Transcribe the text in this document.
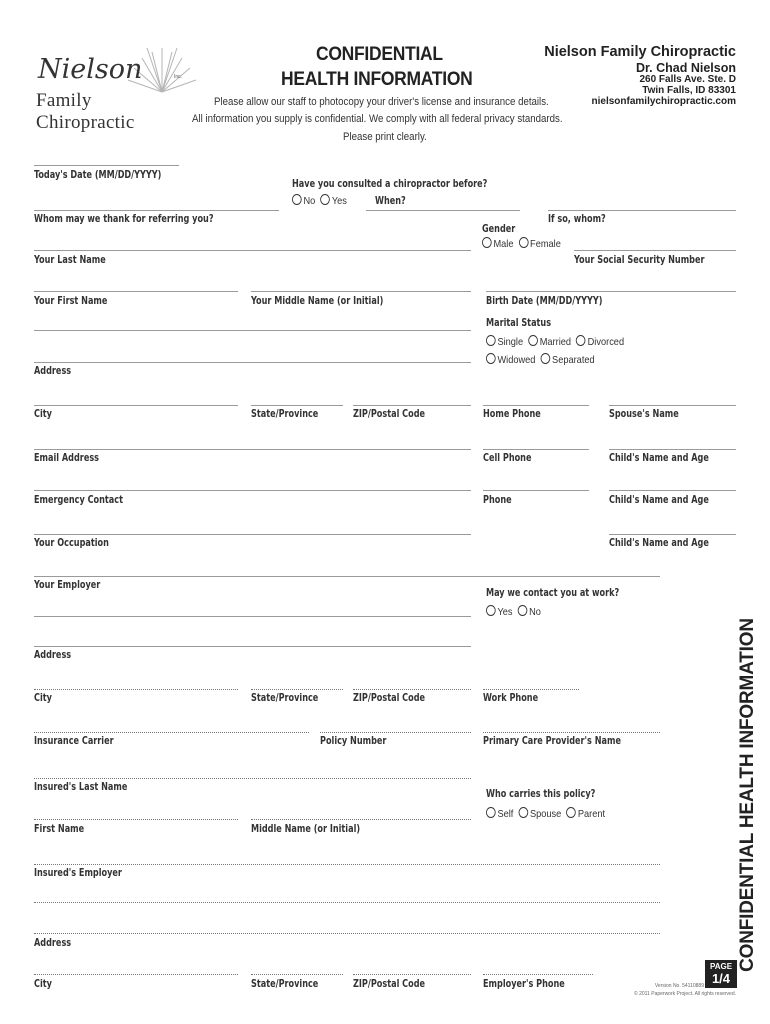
Nielson	Inc.
Family Chiropractic
CONFIDENTIAL
HEALTH INFORMATION
Nielson Family Chiropractic
Dr. Chad Nielson
260 Falls Ave. Ste. D
Twin Falls, ID 83301
nielsonfamilychiropractic.com
Please allow our staff to photocopy your driver's license and insurance details.
All information you supply is confidential. We comply with all federal privacy standards.
Please print clearly.
Today's Date (MM/DD/YYYY)
Have you consulted a chiropractor before?
No Yes	When?
Whom may we thank for referring you?	If so, whom?
Gender
Male Female
Your Last Name	Your Social Security Number
Your First Name	Your Middle Name (or Initial)	Birth Date (MM/DD/YYYY)
Marital Status
Single Married Divorced
Widowed Separated
Address
City	State/Province	ZIP/Postal Code	Home Phone	Spouse's Name
Email Address	Cell Phone	Child's Name and Age
Emergency Contact	Phone	Child's Name and Age
Your Occupation	Child's Name and Age
Your Employer
May we contact you at work?
Yes No
Address
City	State/Province	ZIP/Postal Code	Work Phone
Insurance Carrier	Policy Number	Primary Care Provider's Name
Insured's Last Name
Who carries this policy?
Self Spouse Parent
First Name	Middle Name (or Initial)
Insured's Employer
Address
City	State/Province	ZIP/Postal Code	Employer's Phone
CONFIDENTIAL HEALTH INFORMATION
PAGE
1/4
Version No. 54110889
© 2011 Paperwork Project. All rights reserved.
